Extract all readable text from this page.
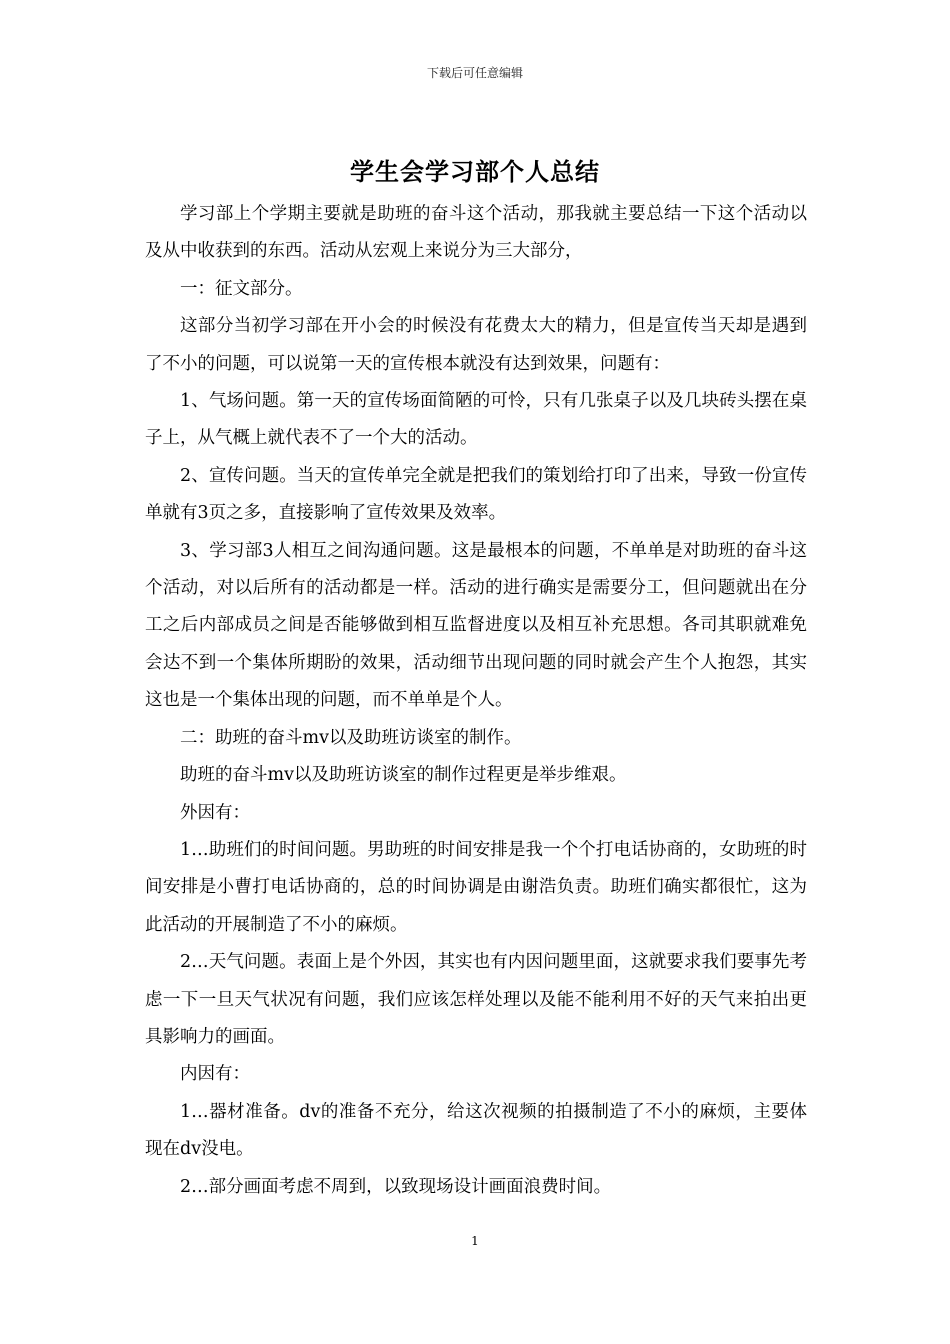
下载后可任意编辑
学生会学习部个人总结

学习部上个学期主要就是助班的奋斗这个活动，那我就主要总结一下这个活动以及从中收获到的东西。活动从宏观上来说分为三大部分，

一：征文部分。

这部分当初学习部在开小会的时候没有花费太大的精力，但是宣传当天却是遇到了不小的问题，可以说第一天的宣传根本就没有达到效果，问题有：

1、气场问题。第一天的宣传场面简陋的可怜，只有几张桌子以及几块砖头摆在桌子上，从气概上就代表不了一个大的活动。

2、宣传问题。当天的宣传单完全就是把我们的策划给打印了出来，导致一份宣传单就有3页之多，直接影响了宣传效果及效率。

3、学习部3人相互之间沟通问题。这是最根本的问题，不单单是对助班的奋斗这个活动，对以后所有的活动都是一样。活动的进行确实是需要分工，但问题就出在分工之后内部成员之间是否能够做到相互监督进度以及相互补充思想。各司其职就难免会达不到一个集体所期盼的效果，活动细节出现问题的同时就会产生个人抱怨，其实这也是一个集体出现的问题，而不单单是个人。

二：助班的奋斗mv以及助班访谈室的制作。

助班的奋斗mv以及助班访谈室的制作过程更是举步维艰。

外因有：

1…助班们的时间问题。男助班的时间安排是我一个个打电话协商的，女助班的时间安排是小曹打电话协商的，总的时间协调是由谢浩负责。助班们确实都很忙，这为此活动的开展制造了不小的麻烦。

2…天气问题。表面上是个外因，其实也有内因问题里面，这就要求我们要事先考虑一下一旦天气状况有问题，我们应该怎样处理以及能不能利用不好的天气来拍出更具影响力的画面。

内因有：

1…器材准备。dv的准备不充分，给这次视频的拍摄制造了不小的麻烦，主要体现在dv没电。

2…部分画面考虑不周到，以致现场设计画面浪费时间。

1
